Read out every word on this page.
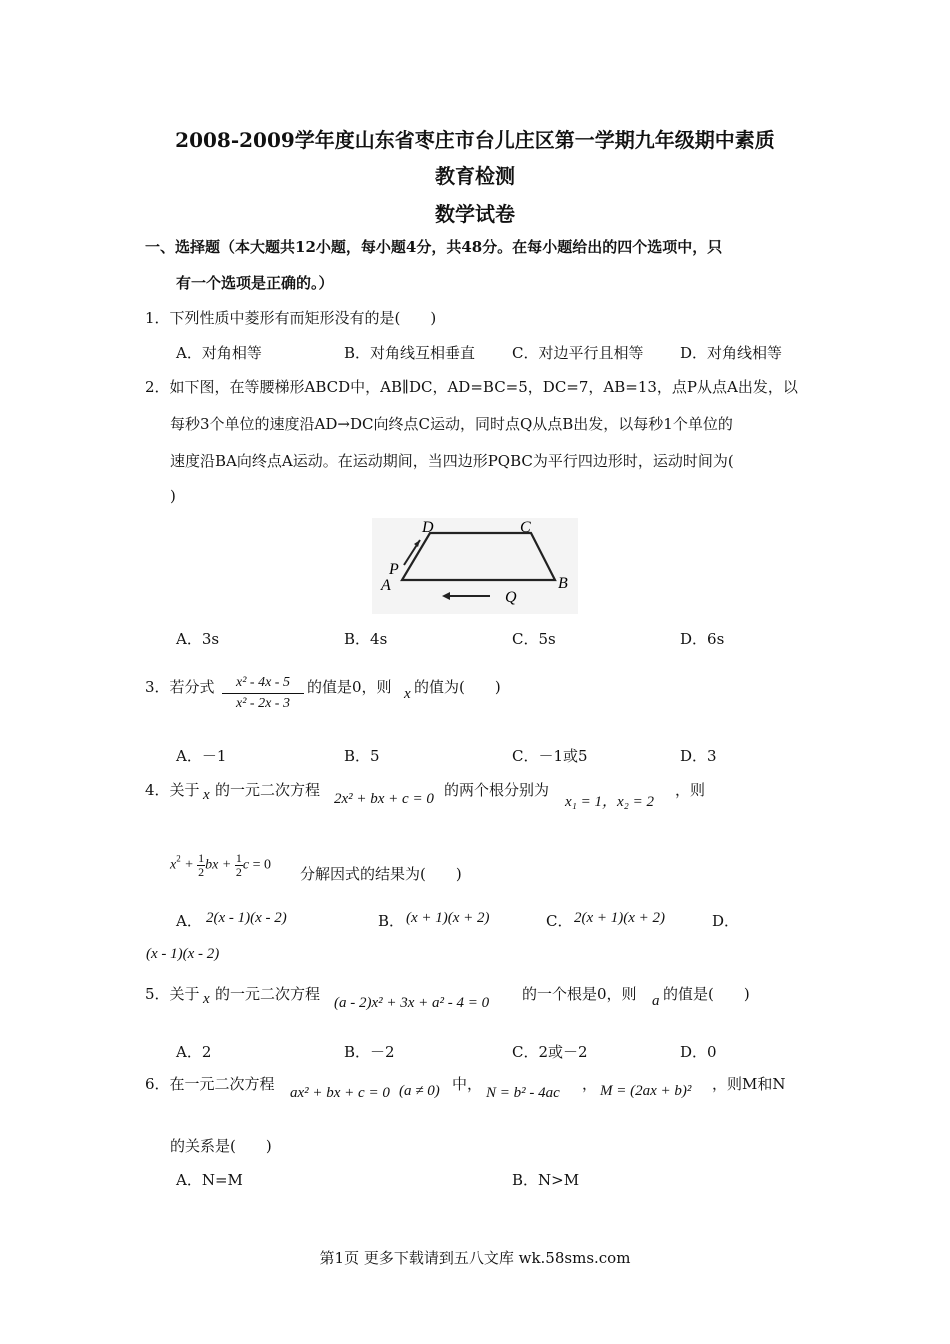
2008-2009学年度山东省枣庄市台儿庄区第一学期九年级期中素质
教育检测
数学试卷
一、选择题（本大题共12小题，每小题4分，共48分。在每小题给出的四个选项中，只
有一个选项是正确的。）
1．下列性质中菱形有而矩形没有的是(　　)
A．对角相等	B．对角线互相垂直 C．对边平行且相等 D．对角线相等
2．如下图，在等腰梯形ABCD中，AB∥DC，AD=BC=5，DC=7，AB=13，点P从点A出发，以
每秒3个单位的速度沿AD→DC向终点C运动，同时点Q从点B出发，以每秒1个单位的
速度沿BA向终点A运动。在运动期间，当四边形PQBC为平行四边形时，运动时间为(
)
D	C
P
A	B
Q
A．3s	B．4s	C．5s	D．6s
3．若分式 $\frac{\text{x² - 4x - 5}}{\text{x² - 2x - 3}}$ 的值是0，则 x 的值为(　　)
A．－1	B．5	C．－1或5	D．3
4．关于 x 的一元二次方程 2x² + bx + c = 0 的两个根分别为
x₁ = 1，x₂ = 2
，则
$x^2 + \frac{1}{2}$ bx + $\frac{1}{2}$ c = 0 分解因式的结果为(　　)
A． 2(x - 1)(x - 2)	B． (x + 1)(x + 2)	C． 2(x + 1)(x + 2)	D．
(x - 1)(x - 2)
5．关于 x 的一元二次方程 (a - 2)x² + 3x + a² - 4 = 0 的一个根是0，则 a 的值是(　　)
A．2	B．－2	C．2或－2	D．0
6．在一元二次方程 ax² + bx + c = 0 (a ≠ 0) 中， N = b² - 4ac ， M = (2ax + b)² ，则M和N
的关系是(　　)
A．N=M	B．N>M
第1页 更多下载请到五八文库 wk.58sms.com
